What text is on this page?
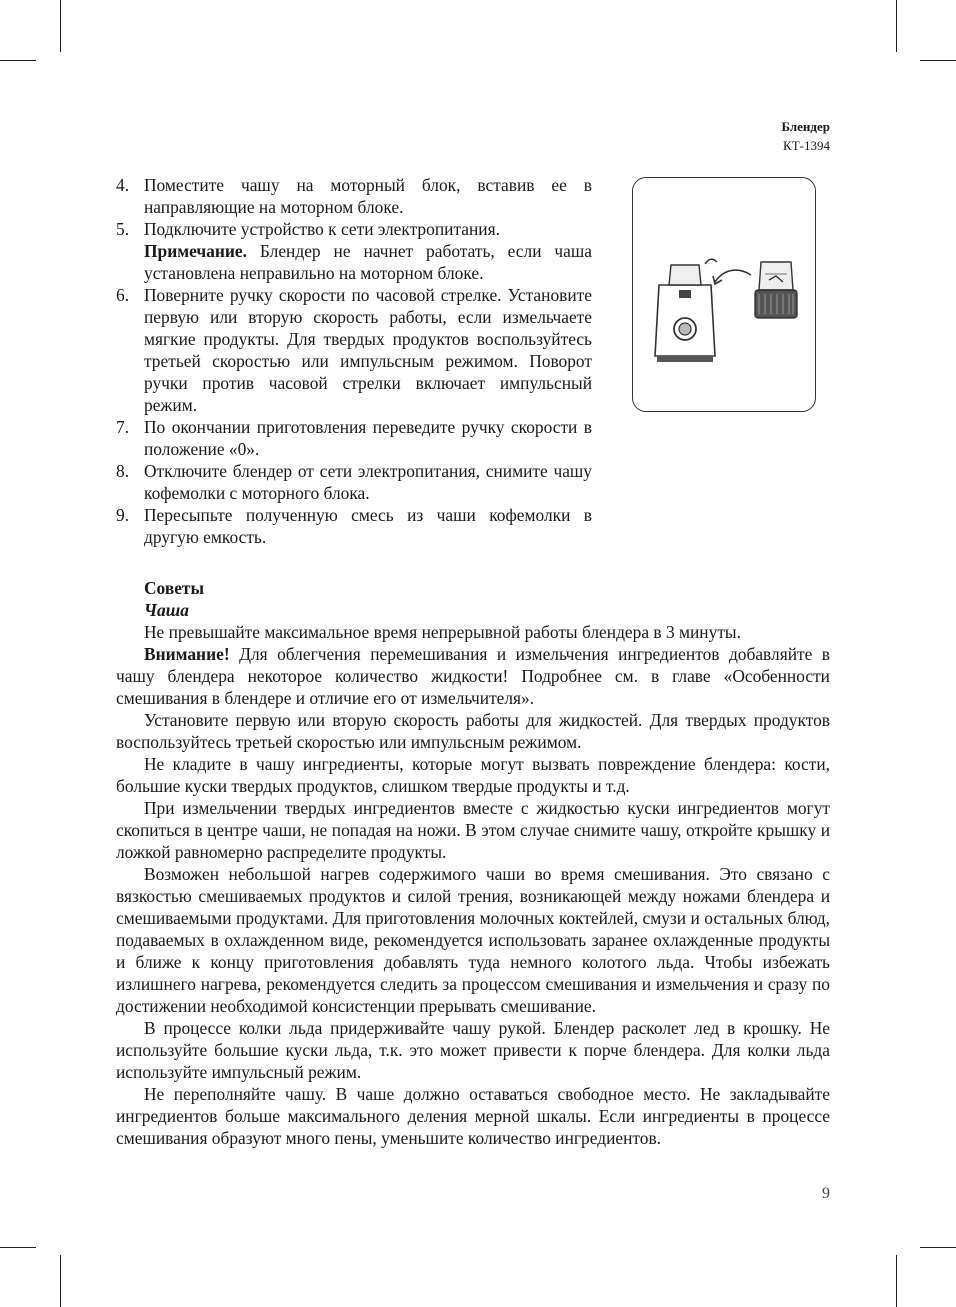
Блендер
КТ-1394
4. Поместите чашу на моторный блок, вставив ее в направляющие на моторном блоке.
5. Подключите устройство к сети электропитания.
Примечание. Блендер не начнет работать, если чаша установлена неправильно на моторном блоке.
6. Поверните ручку скорости по часовой стрелке. Установите первую или вторую скорость работы, если измельчаете мягкие продукты. Для твердых продуктов воспользуйтесь третьей скоростью или импульсным режимом. Поворот ручки против часовой стрелки включает импульсный режим.
7. По окончании приготовления переведите ручку скорости в положение «0».
8. Отключите блендер от сети электропитания, снимите чашу кофемолки с моторного блока.
9. Пересыпьте полученную смесь из чаши кофемолки в другую емкость.
Советы
Чаша

Не превышайте максимальное время непрерывной работы блендера в 3 минуты.

Внимание! Для облегчения перемешивания и измельчения ингредиентов добавляйте в чашу блендера некоторое количество жидкости! Подробнее см. в главе «Особенности смешивания в блендере и отличие его от измельчителя».

Установите первую или вторую скорость работы для жидкостей. Для твердых продуктов воспользуйтесь третьей скоростью или импульсным режимом.

Не кладите в чашу ингредиенты, которые могут вызвать повреждение блендера: кости, большие куски твердых продуктов, слишком твердые продукты и т.д.

При измельчении твердых ингредиентов вместе с жидкостью куски ингредиентов могут скопиться в центре чаши, не попадая на ножи. В этом случае снимите чашу, откройте крышку и ложкой равномерно распределите продукты.

Возможен небольшой нагрев содержимого чаши во время смешивания. Это связано с вязкостью смешиваемых продуктов и силой трения, возникающей между ножами блендера и смешиваемыми продуктами. Для приготовления молочных коктейлей, смузи и остальных блюд, подаваемых в охлажденном виде, рекомендуется использовать заранее охлажденные продукты и ближе к концу приготовления добавлять туда немного колотого льда. Чтобы избежать излишнего нагрева, рекомендуется следить за процессом смешивания и измельчения и сразу по достижении необходимой консистенции прерывать смешивание.

В процессе колки льда придерживайте чашу рукой. Блендер расколет лед в крошку. Не используйте большие куски льда, т.к. это может привести к порче блендера. Для колки льда используйте импульсный режим.

Не переполняйте чашу. В чаше должно оставаться свободное место. Не закладывайте ингредиентов больше максимального деления мерной шкалы. Если ингредиенты в процессе смешивания образуют много пены, уменьшите количество ингредиентов.

9
